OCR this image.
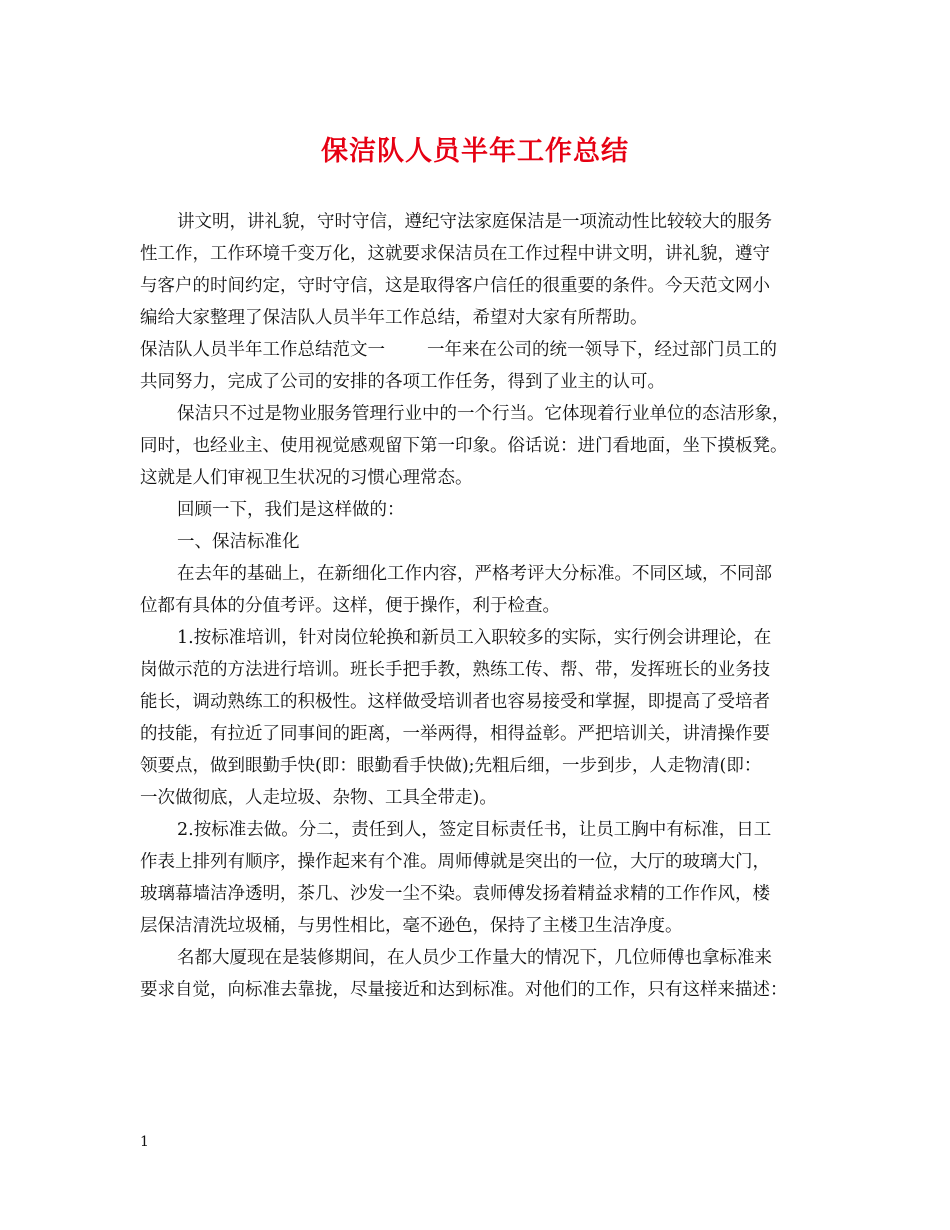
保洁队人员半年工作总结

讲文明，讲礼貌，守时守信，遵纪守法家庭保洁是一项流动性比较较大的服务

性工作，工作环境千变万化，这就要求保洁员在工作过程中讲文明，讲礼貌，遵守

与客户的时间约定，守时守信，这是取得客户信任的很重要的条件。今天范文网小

编给大家整理了保洁队人员半年工作总结，希望对大家有所帮助。

保洁队人员半年工作总结范文一 一年来在公司的统一领导下，经过部门员工的

共同努力，完成了公司的安排的各项工作任务，得到了业主的认可。

保洁只不过是物业服务管理行业中的一个行当。它体现着行业单位的态洁形象，

同时，也经业主、使用视觉感观留下第一印象。俗话说：进门看地面，坐下摸板凳。

这就是人们审视卫生状况的习惯心理常态。

回顾一下，我们是这样做的：

一、保洁标准化

在去年的基础上，在新细化工作内容，严格考评大分标准。不同区域，不同部

位都有具体的分值考评。这样，便于操作，利于检查。

1.按标准培训，针对岗位轮换和新员工入职较多的实际，实行例会讲理论，在

岗做示范的方法进行培训。班长手把手教，熟练工传、帮、带，发挥班长的业务技

能长，调动熟练工的积极性。这样做受培训者也容易接受和掌握，即提高了受培者

的技能，有拉近了同事间的距离，一举两得，相得益彰。严把培训关，讲清操作要

领要点，做到眼勤手快(即：眼勤看手快做);先粗后细，一步到步，人走物清(即：

一次做彻底，人走垃圾、杂物、工具全带走)。

2.按标准去做。分二，责任到人，签定目标责任书，让员工胸中有标准，日工

作表上排列有顺序，操作起来有个准。周师傅就是突出的一位，大厅的玻璃大门，

玻璃幕墙洁净透明，茶几、沙发一尘不染。袁师傅发扬着精益求精的工作作风，楼

层保洁清洗垃圾桶，与男性相比，毫不逊色，保持了主楼卫生洁净度。

名都大厦现在是装修期间，在人员少工作量大的情况下，几位师傅也拿标准来

要求自觉，向标准去靠拢，尽量接近和达到标准。对他们的工作，只有这样来描述：

1
